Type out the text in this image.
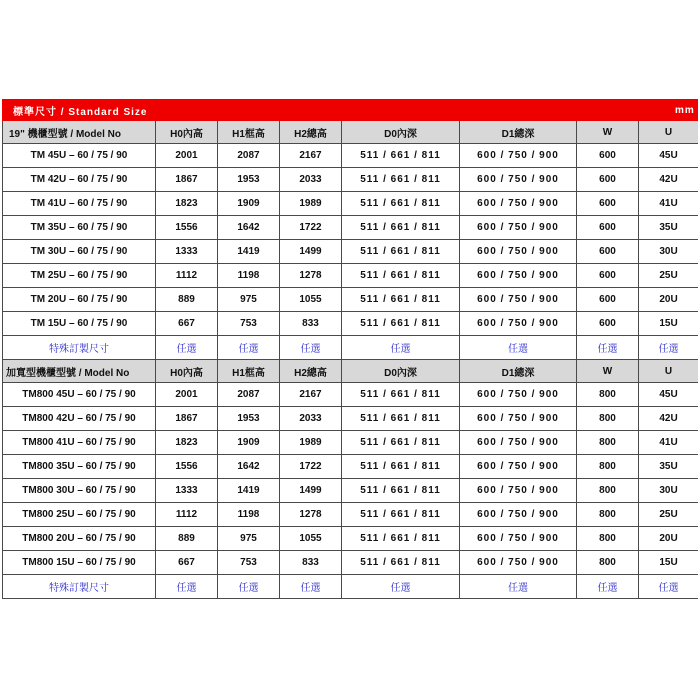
標準尺寸 / Standard Size					mm		
19" 機櫃型號 / Model No	H0內高	H1框高	H2總高	D0內深	D1總深	W	U
TM 45U – 60 / 75 / 90	2001	2087	2167	511 / 661 / 811	600 / 750 / 900	600	45U
TM 42U – 60 / 75 / 90	1867	1953	2033	511 / 661 / 811	600 / 750 / 900	600	42U
TM 41U – 60 / 75 / 90	1823	1909	1989	511 / 661 / 811	600 / 750 / 900	600	41U
TM 35U – 60 / 75 / 90	1556	1642	1722	511 / 661 / 811	600 / 750 / 900	600	35U
TM 30U – 60 / 75 / 90	1333	1419	1499	511 / 661 / 811	600 / 750 / 900	600	30U
TM 25U – 60 / 75 / 90	1112	1198	1278	511 / 661 / 811	600 / 750 / 900	600	25U
TM 20U – 60 / 75 / 90	889	975	1055	511 / 661 / 811	600 / 750 / 900	600	20U
TM 15U – 60 / 75 / 90	667	753	833	511 / 661 / 811	600 / 750 / 900	600	15U
特殊訂製尺寸	任選	任選	任選	任選	任選	任選	任選
加寬型機櫃型號 / Model No	H0內高	H1框高	H2總高	D0內深	D1總深	W	U
TM800 45U – 60 / 75 / 90	2001	2087	2167	511 / 661 / 811	600 / 750 / 900	800	45U
TM800 42U – 60 / 75 / 90	1867	1953	2033	511 / 661 / 811	600 / 750 / 900	800	42U
TM800 41U – 60 / 75 / 90	1823	1909	1989	511 / 661 / 811	600 / 750 / 900	800	41U
TM800 35U – 60 / 75 / 90	1556	1642	1722	511 / 661 / 811	600 / 750 / 900	800	35U
TM800 30U – 60 / 75 / 90	1333	1419	1499	511 / 661 / 811	600 / 750 / 900	800	30U
TM800 25U – 60 / 75 / 90	1112	1198	1278	511 / 661 / 811	600 / 750 / 900	800	25U
TM800 20U – 60 / 75 / 90	889	975	1055	511 / 661 / 811	600 / 750 / 900	800	20U
TM800 15U – 60 / 75 / 90	667	753	833	511 / 661 / 811	600 / 750 / 900	800	15U
特殊訂製尺寸	任選	任選	任選	任選	任選	任選	任選
